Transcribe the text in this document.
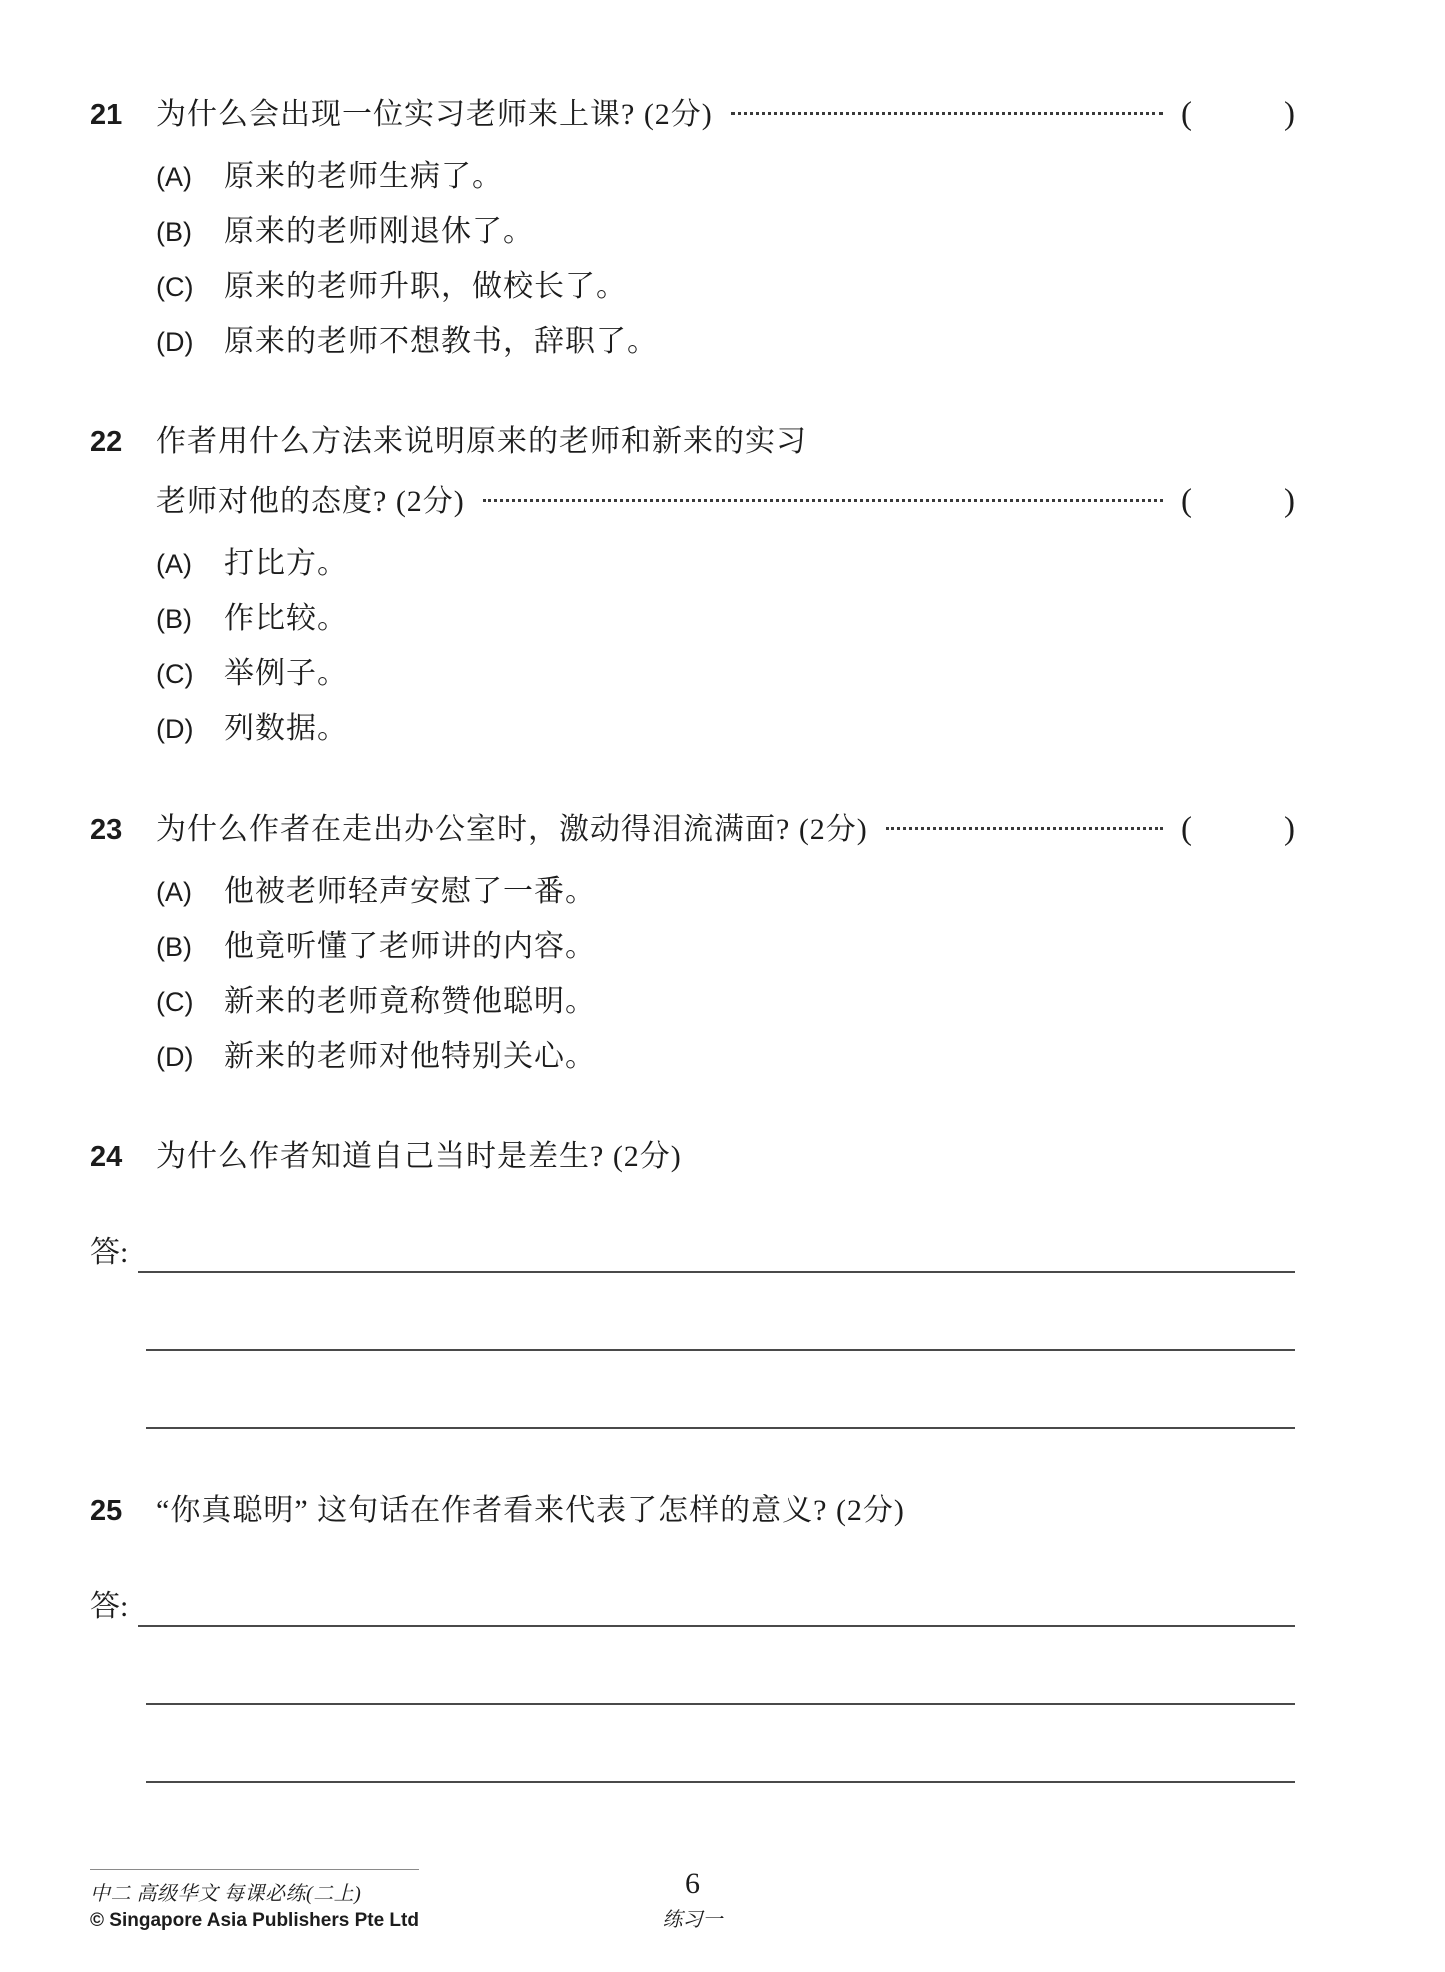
21	为什么会出现一位实习老师来上课? (2分)	(	)
(A)	原来的老师生病了。
(B)	原来的老师刚退休了。
(C)	原来的老师升职，做校长了。
(D)	原来的老师不想教书，辞职了。
22	作者用什么方法来说明原来的老师和新来的实习
老师对他的态度? (2分)	(	)
(A)	打比方。
(B)	作比较。
(C)	举例子。
(D)	列数据。
23	为什么作者在走出办公室时，激动得泪流满面? (2分)	(	)
(A)	他被老师轻声安慰了一番。
(B)	他竟听懂了老师讲的内容。
(C)	新来的老师竟称赞他聪明。
(D)	新来的老师对他特别关心。
24	为什么作者知道自己当时是差生? (2分)
答:
25	“你真聪明” 这句话在作者看来代表了怎样的意义? (2分)
答:
中二 高级华文 每课必练(二上)
© Singapore Asia Publishers Pte Ltd
6
练习一
